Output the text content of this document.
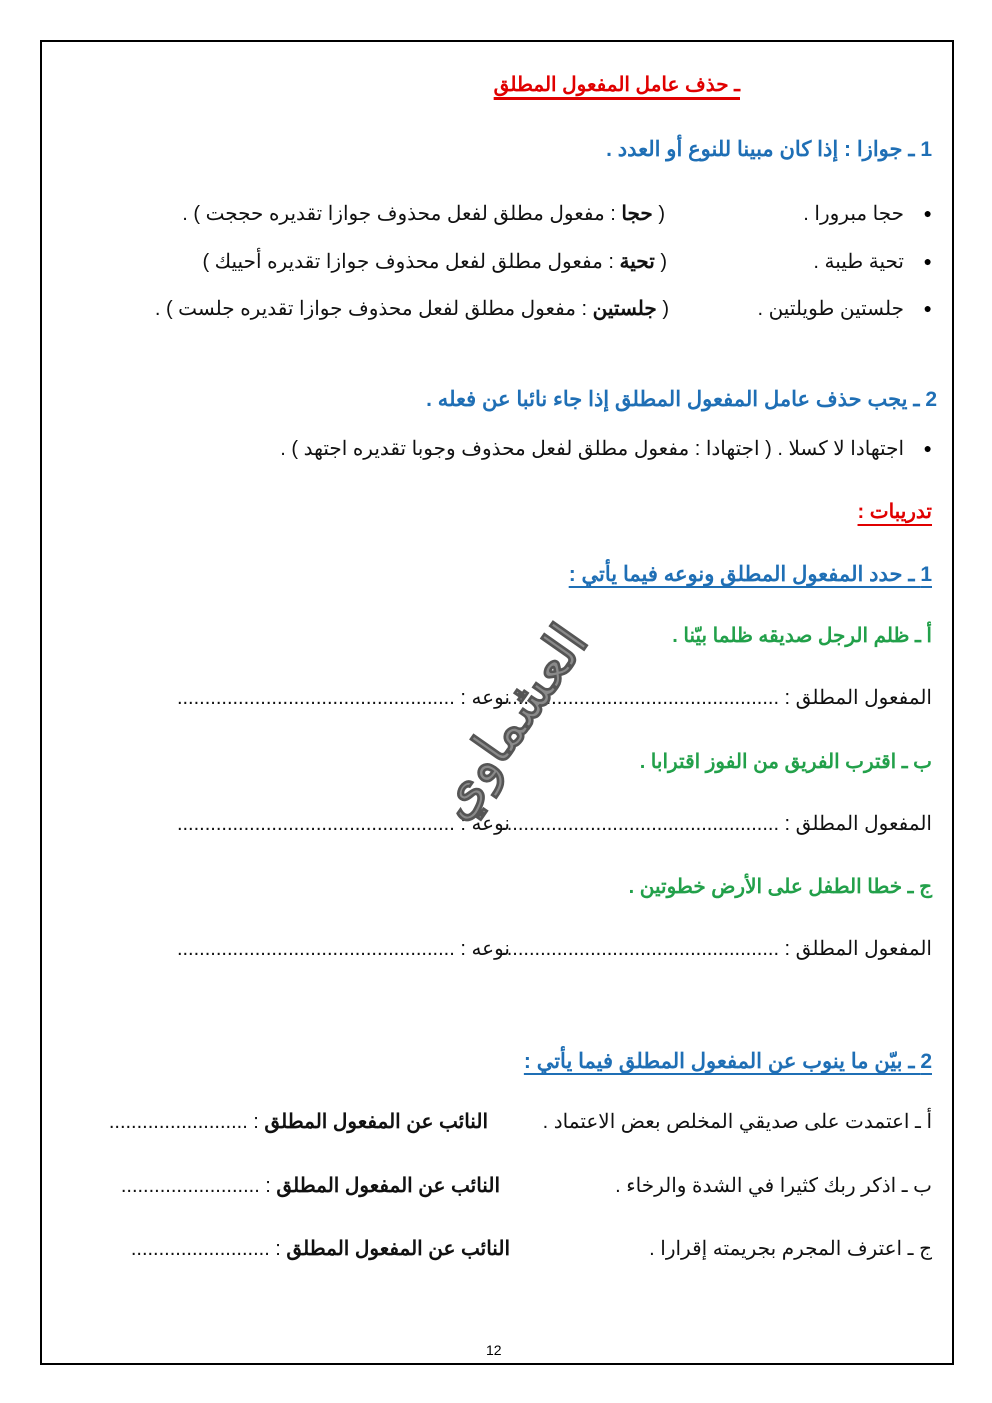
ـ حذف عامل المفعول المطلق
1 ـ جوازا : إذا كان مبينا للنوع أو العدد .
●
حجا مبرورا .
( حجا : مفعول مطلق لفعل محذوف جوازا تقديره حججت ) .
●
تحية طيبة .
( تحية : مفعول مطلق لفعل محذوف جوازا تقديره أحييك )
●
جلستين طويلتين .
( جلستين : مفعول مطلق لفعل محذوف جوازا تقديره جلست ) .
2 ـ يجب حذف عامل المفعول المطلق إذا جاء نائبا عن فعله .
●
اجتهادا لا كسلا . ( اجتهادا : مفعول مطلق لفعل محذوف وجوبا تقديره اجتهد ) .
تدريبات :
1 ـ حدد المفعول المطلق ونوعه فيما يأتي :
أ ـ ظلم الرجل صديقه ظلما بيّنا .
المفعول المطلق : ..................................................
نوعه : ..................................................
ب ـ اقترب الفريق من الفوز اقترابا .
المفعول المطلق : ..................................................
نوعه : ..................................................
ج ـ خطا الطفل على الأرض خطوتين .
المفعول المطلق : ..................................................
نوعه : ..................................................
2 ـ بيّن ما ينوب عن المفعول المطلق فيما يأتي :
أ ـ اعتمدت على صديقي المخلص بعض الاعتماد .
النائب عن المفعول المطلق : .........................
ب ـ اذكر ربك كثيرا في الشدة والرخاء .
النائب عن المفعول المطلق : .........................
ج ـ اعترف المجرم بجريمته إقرارا .
النائب عن المفعول المطلق : .........................
العشماوي
12
